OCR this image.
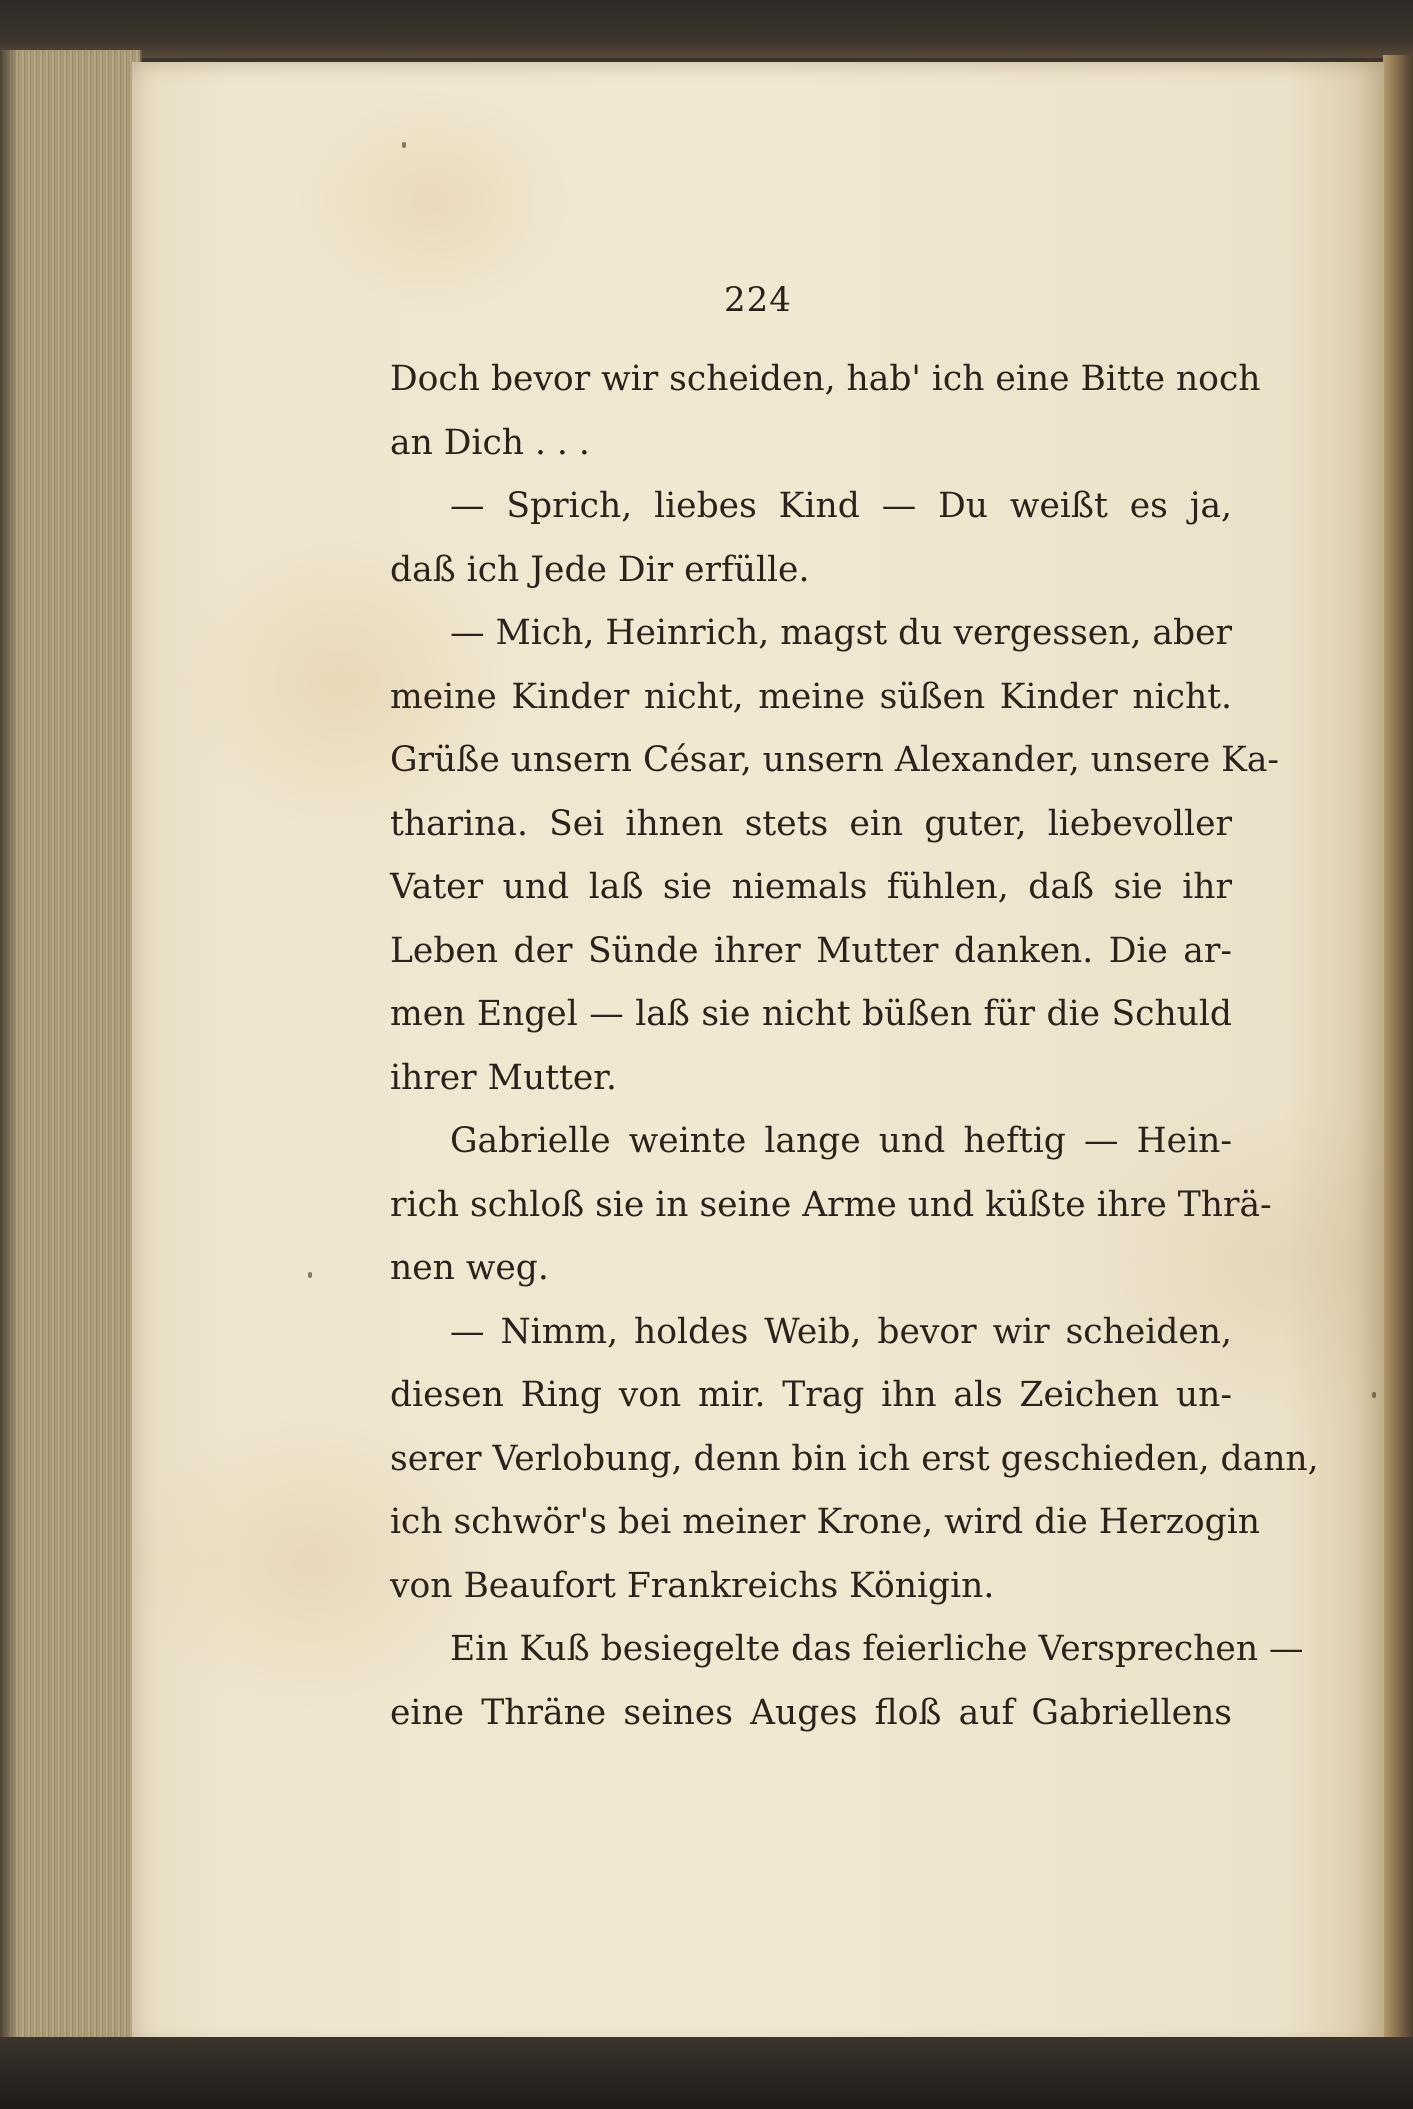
224
Doch bevor wir scheiden, hab' ich eine Bitte noch
an Dich . . .
— Sprich, liebes Kind — Du weißt es ja,
daß ich Jede Dir erfülle.
— Mich, Heinrich, magst du vergessen, aber
meine Kinder nicht, meine süßen Kinder nicht.
Grüße unsern César, unsern Alexander, unsere Ka-
tharina. Sei ihnen stets ein guter, liebevoller
Vater und laß sie niemals fühlen, daß sie ihr
Leben der Sünde ihrer Mutter danken. Die ar-
men Engel — laß sie nicht büßen für die Schuld
ihrer Mutter.
Gabrielle weinte lange und heftig — Hein-
rich schloß sie in seine Arme und küßte ihre Thrä-
nen weg.
— Nimm, holdes Weib, bevor wir scheiden,
diesen Ring von mir. Trag ihn als Zeichen un-
serer Verlobung, denn bin ich erst geschieden, dann,
ich schwör's bei meiner Krone, wird die Herzogin
von Beaufort Frankreichs Königin.
Ein Kuß besiegelte das feierliche Versprechen —
eine Thräne seines Auges floß auf Gabriellens
